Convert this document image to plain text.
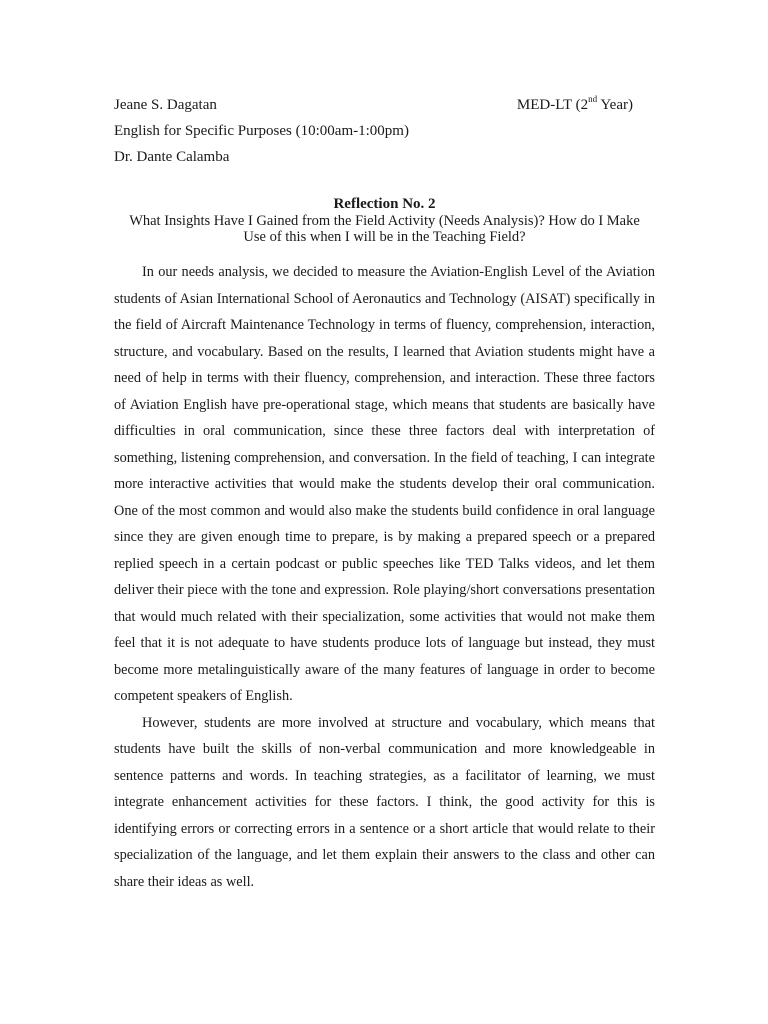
Jeane S. Dagatan	MED-LT (2nd Year)
English for Specific Purposes (10:00am-1:00pm)
Dr. Dante Calamba
Reflection No. 2
What Insights Have I Gained from the Field Activity (Needs Analysis)? How do I Make Use of this when I will be in the Teaching Field?

In our needs analysis, we decided to measure the Aviation-English Level of the Aviation students of Asian International School of Aeronautics and Technology (AISAT) specifically in the field of Aircraft Maintenance Technology in terms of fluency, comprehension, interaction, structure, and vocabulary. Based on the results, I learned that Aviation students might have a need of help in terms with their fluency, comprehension, and interaction. These three factors of Aviation English have pre-operational stage, which means that students are basically have difficulties in oral communication, since these three factors deal with interpretation of something, listening comprehension, and conversation. In the field of teaching, I can integrate more interactive activities that would make the students develop their oral communication. One of the most common and would also make the students build confidence in oral language since they are given enough time to prepare, is by making a prepared speech or a prepared replied speech in a certain podcast or public speeches like TED Talks videos, and let them deliver their piece with the tone and expression. Role playing/short conversations presentation that would much related with their specialization, some activities that would not make them feel that it is not adequate to have students produce lots of language but instead, they must become more metalinguistically aware of the many features of language in order to become competent speakers of English.

However, students are more involved at structure and vocabulary, which means that students have built the skills of non-verbal communication and more knowledgeable in sentence patterns and words. In teaching strategies, as a facilitator of learning, we must integrate enhancement activities for these factors. I think, the good activity for this is identifying errors or correcting errors in a sentence or a short article that would relate to their specialization of the language, and let them explain their answers to the class and other can share their ideas as well.
